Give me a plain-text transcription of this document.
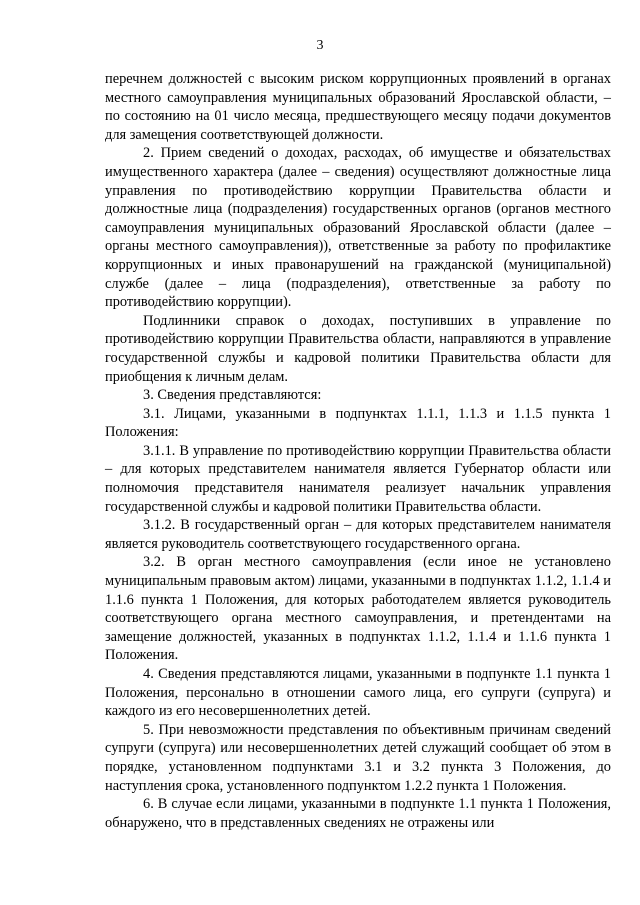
3

перечнем должностей с высоким риском коррупционных проявлений в органах местного самоуправления муниципальных образований Ярославской области, – по состоянию на 01 число месяца, предшествующего месяцу подачи документов для замещения соответствующей должности.

2. Прием сведений о доходах, расходах, об имуществе и обязательствах имущественного характера (далее – сведения) осуществляют должностные лица управления по противодействию коррупции Правительства области и должностные лица (подразделения) государственных органов (органов местного самоуправления муниципальных образований Ярославской области (далее – органы местного самоуправления)), ответственные за работу по профилактике коррупционных и иных правонарушений на гражданской (муниципальной) службе (далее – лица (подразделения), ответственные за работу по противодействию коррупции).

Подлинники справок о доходах, поступивших в управление по противодействию коррупции Правительства области, направляются в управление государственной службы и кадровой политики Правительства области для приобщения к личным делам.

3. Сведения представляются:

3.1. Лицами, указанными в подпунктах 1.1.1, 1.1.3 и 1.1.5 пункта 1 Положения:

3.1.1. В управление по противодействию коррупции Правительства области – для которых представителем нанимателя является Губернатор области или полномочия представителя нанимателя реализует начальник управления государственной службы и кадровой политики Правительства области.

3.1.2. В государственный орган – для которых представителем нанимателя является руководитель соответствующего государственного органа.

3.2. В орган местного самоуправления (если иное не установлено муниципальным правовым актом) лицами, указанными в подпунктах 1.1.2, 1.1.4 и 1.1.6 пункта 1 Положения, для которых работодателем является руководитель соответствующего органа местного самоуправления, и претендентами на замещение должностей, указанных в подпунктах 1.1.2, 1.1.4 и 1.1.6 пункта 1 Положения.

4. Сведения представляются лицами, указанными в подпункте 1.1 пункта 1 Положения, персонально в отношении самого лица, его супруги (супруга) и каждого из его несовершеннолетних детей.

5. При невозможности представления по объективным причинам сведений супруги (супруга) или несовершеннолетних детей служащий сообщает об этом в порядке, установленном подпунктами 3.1 и 3.2 пункта 3 Положения, до наступления срока, установленного подпунктом 1.2.2 пункта 1 Положения.

6. В случае если лицами, указанными в подпункте 1.1 пункта 1 Положения, обнаружено, что в представленных сведениях не отражены или
